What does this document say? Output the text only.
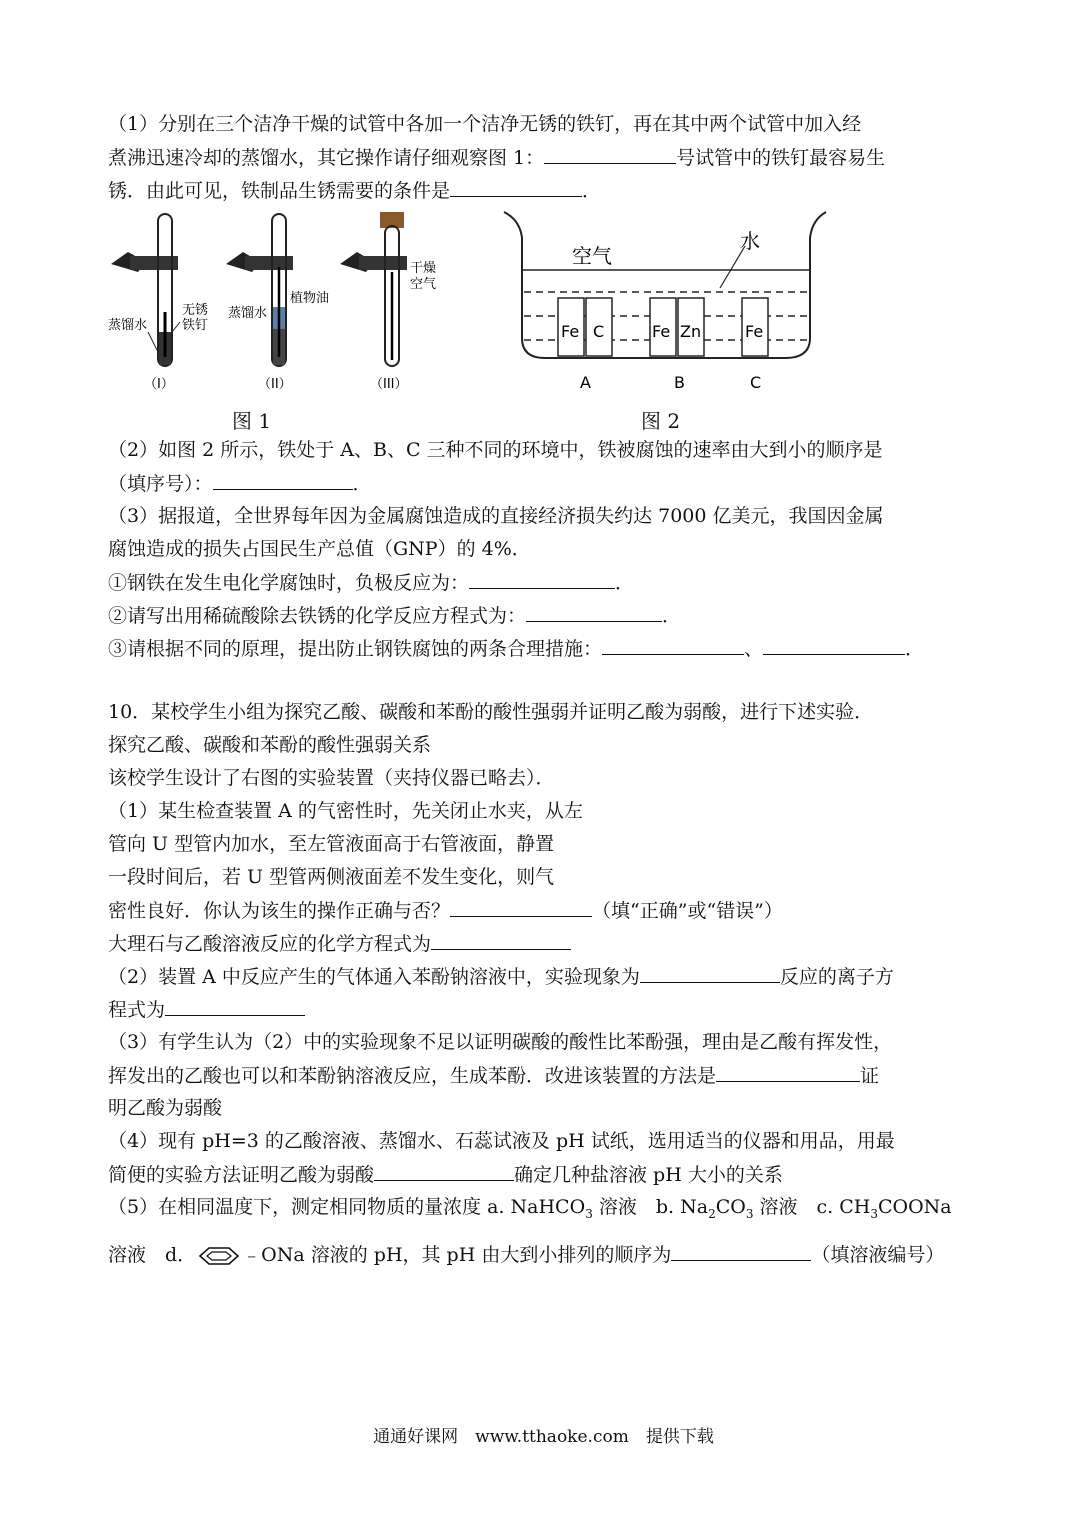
（1）分别在三个洁净干燥的试管中各加一个洁净无锈的铁钉，再在其中两个试管中加入经
煮沸迅速冷却的蒸馏水，其它操作请仔细观察图 1：	号试管中的铁钉最容易生
锈．由此可见，铁制品生锈需要的条件是	．
蒸馏水
无锈
铁钉
（I）
蒸馏水
植物油
（II）
干燥
空气
（III）
图 1
空气
水
Fe C
A
Fe Zn
B
Fe
C
图 2
（2）如图 2 所示，铁处于 A、B、C 三种不同的环境中，铁被腐蚀的速率由大到小的顺序是
（填序号）：	．
（3）据报道，全世界每年因为金属腐蚀造成的直接经济损失约达 7000 亿美元，我国因金属
腐蚀造成的损失占国民生产总值（GNP）的 4%．
①钢铁在发生电化学腐蚀时，负极反应为：	．
②请写出用稀硫酸除去铁锈的化学反应方程式为：	．
③请根据不同的原理，提出防止钢铁腐蚀的两条合理措施：	、	．
10．某校学生小组为探究乙酸、碳酸和苯酚的酸性强弱并证明乙酸为弱酸，进行下述实验．
探究乙酸、碳酸和苯酚的酸性强弱关系
该校学生设计了右图的实验装置（夹持仪器已略去）．
（1）某生检查装置 A 的气密性时，先关闭止水夹，从左
管向 U 型管内加水，至左管液面高于右管液面，静置
一段时间后，若 U 型管两侧液面差不发生变化，则气
密性良好．你认为该生的操作正确与否？	（填“正确”或“错误”）
大理石与乙酸溶液反应的化学方程式为
（2）装置 A 中反应产生的气体通入苯酚钠溶液中，实验现象为	反应的离子方
程式为
（3）有学生认为（2）中的实验现象不足以证明碳酸的酸性比苯酚强，理由是乙酸有挥发性，
挥发出的乙酸也可以和苯酚钠溶液反应，生成苯酚．改进该装置的方法是	证
明乙酸为弱酸
（4）现有 pH=3 的乙酸溶液、蒸馏水、石蕊试液及 pH 试纸，选用适当的仪器和用品，用最
简便的实验方法证明乙酸为弱酸	确定几种盐溶液 pH 大小的关系
（5）在相同温度下，测定相同物质的量浓度 a. NaHCO$_3$ 溶液　b. $Na_2CO_3$ 溶液　c. $CH_3COONa$
溶液　d． ﹣ONa 溶液的 pH，其 pH 由大到小排列的顺序为	（填溶液编号）
通通好课网　www.tthaoke.com　提供下载
